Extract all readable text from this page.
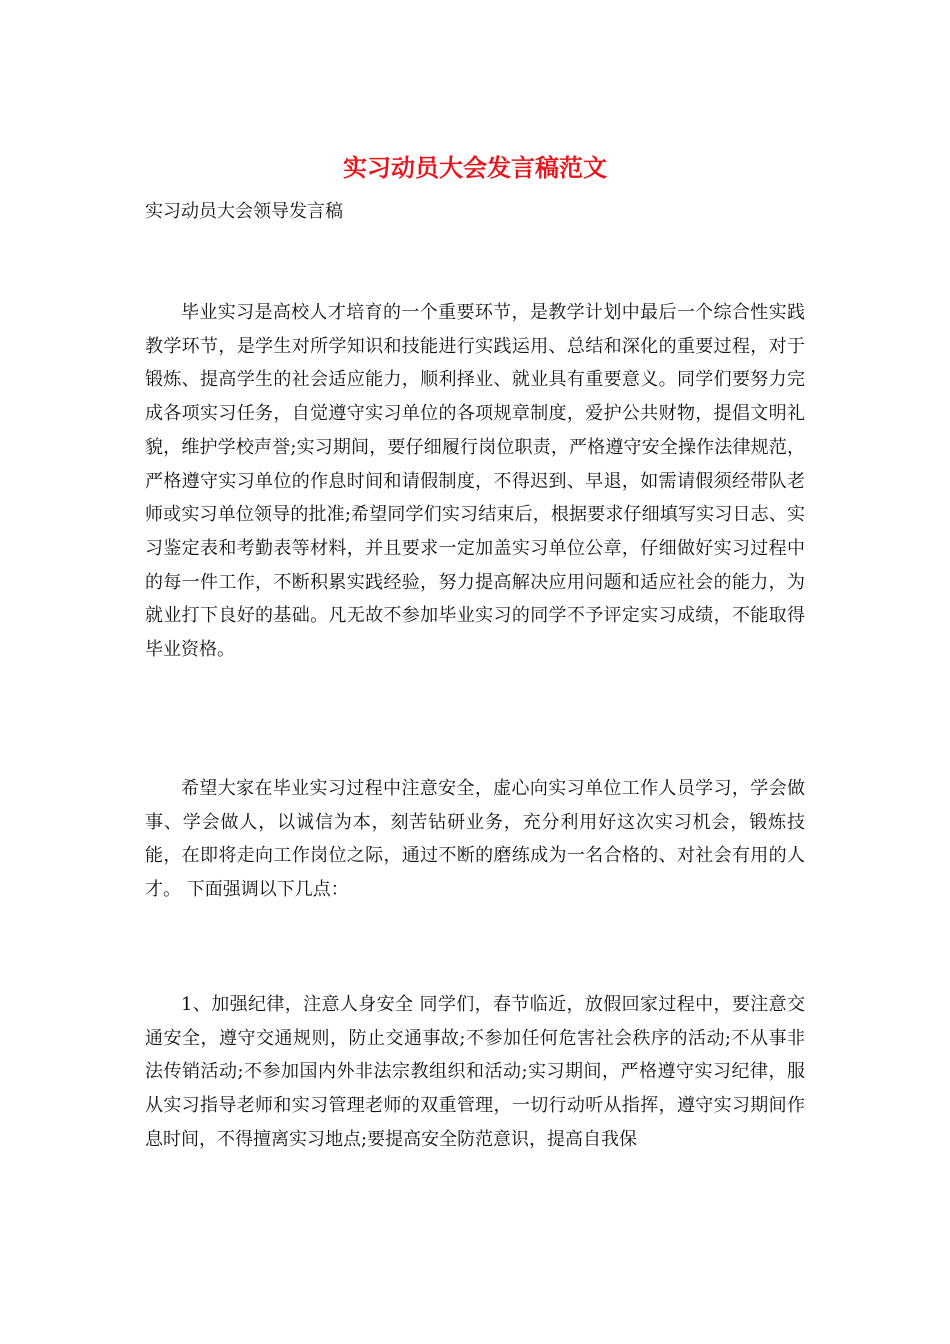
实习动员大会发言稿范文

实习动员大会领导发言稿

毕业实习是高校人才培育的一个重要环节，是教学计划中最后一个综合性实践教学环节，是学生对所学知识和技能进行实践运用、总结和深化的重要过程，对于锻炼、提高学生的社会适应能力，顺利择业、就业具有重要意义。同学们要努力完成各项实习任务，自觉遵守实习单位的各项规章制度，爱护公共财物，提倡文明礼貌，维护学校声誉;实习期间，要仔细履行岗位职责，严格遵守安全操作法律规范，严格遵守实习单位的作息时间和请假制度，不得迟到、早退，如需请假须经带队老师或实习单位领导的批准;希望同学们实习结束后，根据要求仔细填写实习日志、实习鉴定表和考勤表等材料，并且要求一定加盖实习单位公章，仔细做好实习过程中的每一件工作，不断积累实践经验，努力提高解决应用问题和适应社会的能力，为就业打下良好的基础。凡无故不参加毕业实习的同学不予评定实习成绩，不能取得毕业资格。

希望大家在毕业实习过程中注意安全，虚心向实习单位工作人员学习，学会做事、学会做人，以诚信为本，刻苦钻研业务，充分利用好这次实习机会，锻炼技能，在即将走向工作岗位之际，通过不断的磨练成为一名合格的、对社会有用的人才。 下面强调以下几点：

1、加强纪律，注意人身安全 同学们，春节临近，放假回家过程中，要注意交通安全，遵守交通规则，防止交通事故;不参加任何危害社会秩序的活动;不从事非法传销活动;不参加国内外非法宗教组织和活动;实习期间，严格遵守实习纪律，服从实习指导老师和实习管理老师的双重管理，一切行动听从指挥，遵守实习期间作息时间，不得擅离实习地点;要提高安全防范意识，提高自我保
